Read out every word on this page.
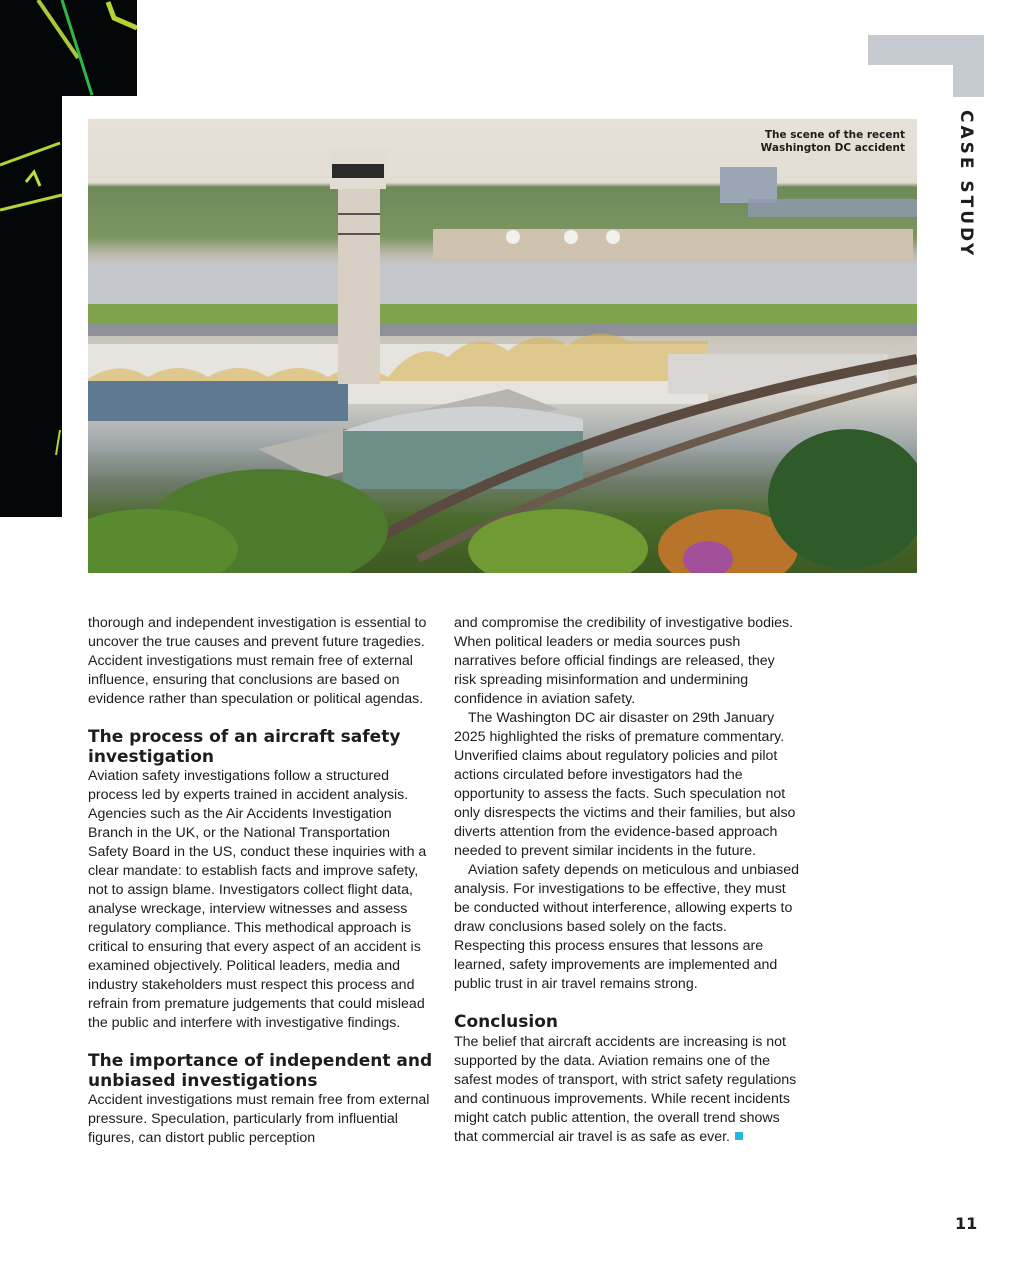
CASE STUDY
The scene of the recent
Washington DC accident

thorough and independent investigation is essential to uncover the true causes and prevent future tragedies. Accident investigations must remain free of external influence, ensuring that conclusions are based on evidence rather than speculation or political agendas.

The process of an aircraft safety investigation

Aviation safety investigations follow a structured process led by experts trained in accident analysis. Agencies such as the Air Accidents Investigation Branch in the UK, or the National Transportation Safety Board in the US, conduct these inquiries with a clear mandate: to establish facts and improve safety, not to assign blame. Investigators collect flight data, analyse wreckage, interview witnesses and assess regulatory compliance. This methodical approach is critical to ensuring that every aspect of an accident is examined objectively. Political leaders, media and industry stakeholders must respect this process and refrain from premature judgements that could mislead the public and interfere with investigative findings.

The importance of independent and unbiased investigations

Accident investigations must remain free from external pressure. Speculation, particularly from influential figures, can distort public perception

and compromise the credibility of investigative bodies. When political leaders or media sources push narratives before official findings are released, they risk spreading misinformation and undermining confidence in aviation safety.

The Washington DC air disaster on 29th January 2025 highlighted the risks of premature commentary. Unverified claims about regulatory policies and pilot actions circulated before investigators had the opportunity to assess the facts. Such speculation not only disrespects the victims and their families, but also diverts attention from the evidence-based approach needed to prevent similar incidents in the future.

Aviation safety depends on meticulous and unbiased analysis. For investigations to be effective, they must be conducted without interference, allowing experts to draw conclusions based solely on the facts. Respecting this process ensures that lessons are learned, safety improvements are implemented and public trust in air travel remains strong.

Conclusion

The belief that aircraft accidents are increasing is not supported by the data. Aviation remains one of the safest modes of transport, with strict safety regulations and continuous improvements. While recent incidents might catch public attention, the overall trend shows that commercial air travel is as safe as ever.

11
